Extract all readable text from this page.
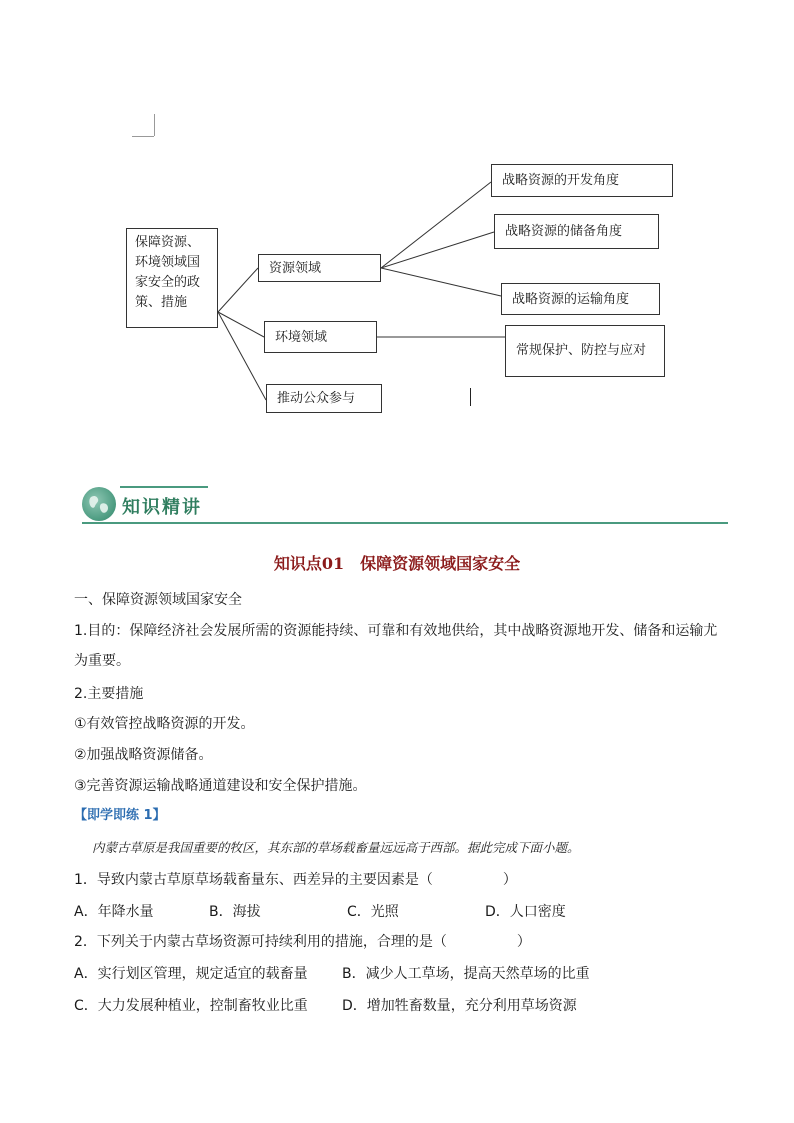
保障资源、环境领域国家安全的政策、措施
资源领域
环境领域
推动公众参与
战略资源的开发角度
战略资源的储备角度
战略资源的运输角度
常规保护、防控与应对
知识精讲
知识点01　保障资源领域国家安全
一、保障资源领域国家安全
1.目的：保障经济社会发展所需的资源能持续、可靠和有效地供给，其中战略资源地开发、储备和运输尤为重要。
2.主要措施
①有效管控战略资源的开发。
②加强战略资源储备。
③完善资源运输战略通道建设和安全保护措施。
【即学即练 1】
内蒙古草原是我国重要的牧区，其东部的草场载畜量远远高于西部。据此完成下面小题。
1．导致内蒙古草原草场载畜量东、西差异的主要因素是（　　　　　）
A．年降水量	B．海拔	C．光照	D．人口密度
2．下列关于内蒙古草场资源可持续利用的措施，合理的是（　　　　　）
A．实行划区管理，规定适宜的载畜量 B．减少人工草场，提高天然草场的比重
C．大力发展种植业，控制畜牧业比重 D．增加牲畜数量，充分利用草场资源
